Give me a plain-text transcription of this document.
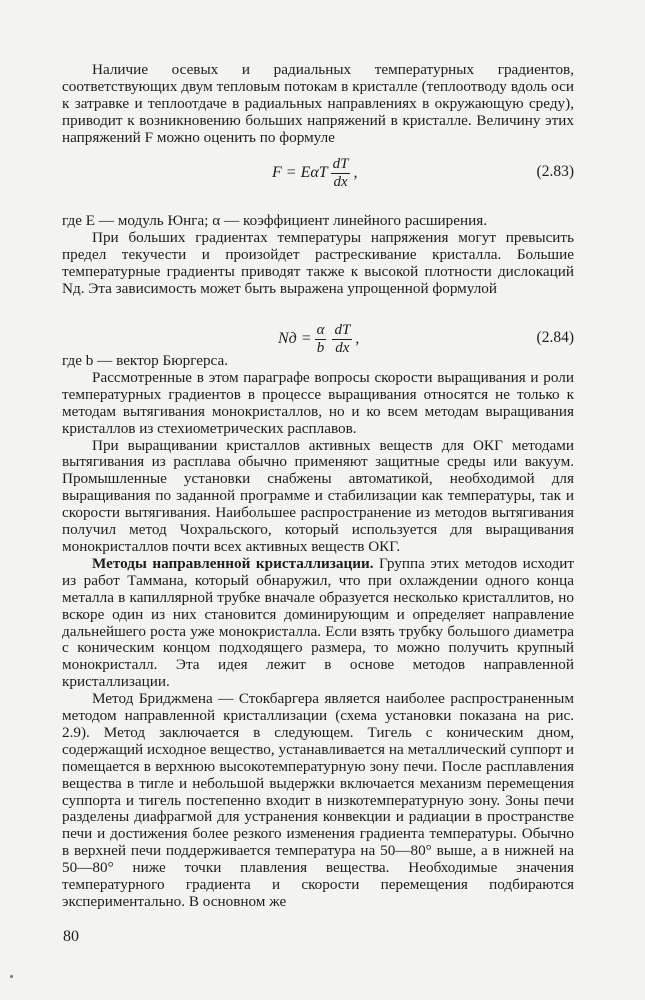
Наличие осевых и радиальных температурных градиентов, соответствующих двум тепловым потокам в кристалле (теплоотводу вдоль оси к затравке и теплоотдаче в радиальных направлениях в окружающую среду), приводит к возникновению больших напряжений в кристалле. Величину этих напряжений F можно оценить по формуле

F = EαT $\frac{dT}{dx}$ ,	(2.83)

где E — модуль Юнга; α — коэффициент линейного расширения.

При больших градиентах температуры напряжения могут превысить предел текучести и произойдет растрескивание кристалла. Большие температурные градиенты приводят также к высокой плотности дислокаций Nд. Эта зависимость может быть выражена упрощенной формулой

Nд = $\frac{\alpha}{b} \frac{dT}{dx}$ ,	(2.84)

где b — вектор Бюргерса.

Рассмотренные в этом параграфе вопросы скорости выращивания и роли температурных градиентов в процессе выращивания относятся не только к методам вытягивания монокристаллов, но и ко всем методам выращивания кристаллов из стехиометрических расплавов.

При выращивании кристаллов активных веществ для ОКГ методами вытягивания из расплава обычно применяют защитные среды или вакуум. Промышленные установки снабжены автоматикой, необходимой для выращивания по заданной программе и стабилизации как температуры, так и скорости вытягивания. Наибольшее распространение из методов вытягивания получил метод Чохральского, который используется для выращивания монокристаллов почти всех активных веществ ОКГ.

Методы направленной кристаллизации. Группа этих методов исходит из работ Таммана, который обнаружил, что при охлаждении одного конца металла в капиллярной трубке вначале образуется несколько кристаллитов, но вскоре один из них становится доминирующим и определяет направление дальнейшего роста уже монокристалла. Если взять трубку большого диаметра с коническим концом подходящего размера, то можно получить крупный монокристалл. Эта идея лежит в основе методов направленной кристаллизации.

Метод Бриджмена — Стокбаргера является наиболее распространенным методом направленной кристаллизации (схема установки показана на рис. 2.9). Метод заключается в следующем. Тигель с коническим дном, содержащий исходное вещество, устанавливается на металлический суппорт и помещается в верхнюю высокотемпературную зону печи. После расплавления вещества в тигле и небольшой выдержки включается механизм перемещения суппорта и тигель постепенно входит в низкотемпературную зону. Зоны печи разделены диафрагмой для устранения конвекции и радиации в пространстве печи и достижения более резкого изменения градиента температуры. Обычно в верхней печи поддерживается температура на 50—80° выше, а в нижней на 50—80° ниже точки плавления вещества. Необходимые значения температурного градиента и скорости перемещения подбираются экспериментально. В основном же

80
